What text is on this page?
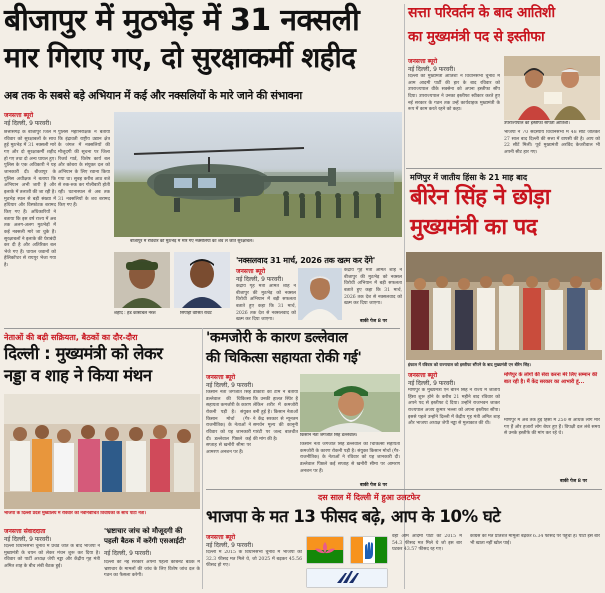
बीजापुर में मुठभेड़ में 31 नक्सली
मार गिराए गए, दो सुरक्षाकर्मी शहीद
अब तक के सबसे बड़े अभियान में कई और नक्सलियों के मारे जाने की संभावना
जनसत्ता ब्यूरो
नई दिल्ली, 9 फरवरी।
छत्तीसगढ़ के बीजापुर जिले में रविवार को सुरक्षाबलों के साथ हुई मुठभेड़ में 31 नक्सली मारे गए और दो सुरक्षाकर्मी शहीद हो गए तथा दो अन्य घायल हुए। पुलिस के एक अधिकारी ने यह जानकारी दी। बीजापुर के पुलिस अधीक्षक ने बताया कि अभियान अभी जारी है और इलाके में तलाशी की जा रही है। मुठभेड़ स्थल से बड़ी संख्या में हथियार और विस्फोटक बरामद किए गए हैं। अधिकारियों ने बताया कि इस वर्ष राज्य में अब तक अलग-अलग मुठभेड़ों में कई नक्सली मारे जा चुके हैं। सुरक्षाबलों ने इलाके की घेराबंदी कर दी है और अतिरिक्त बल भेजे गए हैं। घायल जवानों को हेलिकॉप्टर से रायपुर भेजा गया है।
पुलिस महानिरीक्षक ने बताया कि इंद्रावती राष्ट्रीय उद्यान क्षेत्र के जंगल में नक्सलियों की मौजूदगी की सूचना पर जिला रिजर्व गार्ड, विशेष कार्य बल और कोबरा के संयुक्त दल को अभियान के लिए रवाना किया गया था। सुबह करीब आठ बजे से रुक-रुक कर गोलीबारी होती रही। घटनास्थल से अब तक 31 नक्सलियों के शव बरामद किए गए हैं।
बीजापुर में रविवार को मुठभेड़ में मारे गए नक्सलियों का शव ले जाते सुरक्षाबल।
शहीद : हेड कांस्टेबल नरेश	सिपाही वासित रावटे
'नक्सलवाद 31 मार्च, 2026 तक खत्म कर देंगे'
जनसत्ता ब्यूरो
नई दिल्ली, 9 फरवरी।
केंद्रीय गृह मंत्री अमित शाह ने बीजापुर की मुठभेड़ को नक्सल विरोधी अभियान में बड़ी सफलता बताते हुए कहा कि 31 मार्च, 2026 तक देश से नक्सलवाद को खत्म कर दिया जाएगा।
केंद्रीय गृह मंत्री अमित शाह ने बीजापुर की मुठभेड़ को नक्सल विरोधी अभियान में बड़ी सफलता बताते हुए कहा कि 31 मार्च, 2026 तक देश से नक्सलवाद को खत्म कर दिया जाएगा।
बाकी पेज 8 पर
नेताओं की बढ़ी सक्रियता, बैठकों का दौर-दौरा
दिल्ली : मुख्यमंत्री को लेकर
नड्डा व शाह ने किया मंथन
भाजपा के दिल्ली प्रदेश मुख्यालय में रविवार को नवनिर्वाचित विधायकों के साथ पार्टी नेता।
जनसत्ता संवाददाता
नई दिल्ली, 9 फरवरी।
दिल्ली विधानसभा चुनाव में प्रचंड जीत के बाद भाजपा ने मुख्यमंत्री के चयन को लेकर मंथन शुरू कर दिया है। रविवार को पार्टी अध्यक्ष जेपी नड्डा और केंद्रीय गृह मंत्री अमित शाह के बीच लंबी बैठक हुई।
'भ्रष्टाचार जांच को मौजूदगी की
पहली बैठक में करेंगी एसआईटी'
नई दिल्ली, 9 फरवरी।
दिल्ली की नई सरकार अपनी पहली कैबिनेट बैठक में भ्रष्टाचार के मामलों की जांच के लिए विशेष जांच दल के गठन का फैसला करेगी।
'कमजोरी के कारण डल्लेवाल
की चिकित्सा सहायता रोकी गई'
जनसत्ता ब्यूरो
नई दिल्ली, 9 फरवरी।
किसान नेता जगजीत सिंह डल्लेवाल।
किसान नेता जगजीत सिंह डल्लेवाल की चिकित्सा सहायता कमजोरी के कारण रोकनी पड़ी है। संयुक्त किसान मोर्चा (गैर-राजनीतिक) के नेताओं ने रविवार को यह जानकारी दी। डल्लेवाल पिछले कई सप्ताह से खनौरी सीमा पर आमरण अनशन पर हैं।
डॉक्टरों की टीम ने बताया कि उनकी हालत स्थिर है लेकिन शरीर में कमजोरी बनी हुई है। किसान नेताओं ने केंद्र सरकार से न्यूनतम समर्थन मूल्य की कानूनी गारंटी पर जल्द बातचीत की मांग की है।
किसान नेता जगजीत सिंह डल्लेवाल की चिकित्सा सहायता कमजोरी के कारण रोकनी पड़ी है। संयुक्त किसान मोर्चा (गैर-राजनीतिक) के नेताओं ने रविवार को यह जानकारी दी। डल्लेवाल पिछले कई सप्ताह से खनौरी सीमा पर आमरण अनशन पर हैं।
बाकी पेज 8 पर
दस साल में दिल्ली में हुआ उलटफेर
भाजपा के मत 13 फीसद बढ़े, आप के 10% घटे
जनसत्ता ब्यूरो
नई दिल्ली, 9 फरवरी।
दिल्ली में 2015 के विधानसभा चुनाव में भाजपा को 32.3 फीसद मत मिले थे, जो 2025 में बढ़कर 45.56 फीसद हो गए।
वहीं आम आदमी पार्टी को 2015 में 54.3 फीसद मत मिले थे जो इस बार घटकर 43.57 फीसद रह गए।
कांग्रेस का मत प्रतिशत मामूली बढ़कर 6.34 फीसद पर पहुंचा है। पार्टी इस बार भी खाता नहीं खोल पाई।
सत्ता परिवर्तन के बाद आतिशी
का मुख्यमंत्री पद से इस्तीफा
जनसत्ता ब्यूरो
नई दिल्ली, 9 फरवरी।
दिल्ली की मुख्यमंत्री आतिशी ने विधानसभा चुनाव में आम आदमी पार्टी की हार के बाद रविवार को उपराज्यपाल वीके सक्सेना को अपना इस्तीफा सौंप दिया। उपराज्यपाल ने उनका इस्तीफा स्वीकार करते हुए नई सरकार के गठन तक उन्हें कार्यवाहक मुख्यमंत्री के रूप में काम करते रहने को कहा।
उपराज्यपाल को इस्तीफा सौंपतीं आतिशी।
भाजपा ने 70 सदस्यीय विधानसभा में 48 सीट जीतकर 27 साल बाद दिल्ली की सत्ता में वापसी की है। आप को 22 सीटें मिलीं। पूर्व मुख्यमंत्री अरविंद केजरीवाल भी अपनी सीट हार गए।
मणिपुर में जातीय हिंसा के 21 माह बाद
बीरेन सिंह ने छोड़ा
मुख्यमंत्री का पद
इंफाल में रविवार को राज्यपाल को इस्तीफा सौंपने के बाद मुख्यमंत्री एन बीरेन सिंह।
जनसत्ता ब्यूरो
नई दिल्ली, 9 फरवरी।
मणिपुर के मुख्यमंत्री एन बीरेन सिंह ने राज्य में जातीय हिंसा शुरू होने के करीब 21 महीने बाद रविवार को अपने पद से इस्तीफा दे दिया। उन्होंने राजभवन जाकर राज्यपाल अजय कुमार भल्ला को अपना इस्तीफा सौंपा। इससे पहले उन्होंने दिल्ली में केंद्रीय गृह मंत्री अमित शाह और भाजपा अध्यक्ष जेपी नड्डा से मुलाकात की थी।
मणिपुर के लोगों की सेवा करना मेरे लिए सम्मान की बात रही है। मैं केंद्र सरकार का आभारी हूं...
मणिपुर में अब तक हुई हिंसा में 250 से अधिक लोग मारे गए हैं और हजारों लोग बेघर हुए हैं। विपक्षी दल लंबे समय से उनके इस्तीफे की मांग कर रहे थे।
बाकी पेज 8 पर
